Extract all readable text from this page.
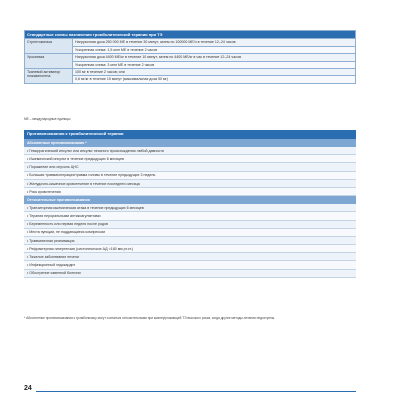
Стандартные схемы назначения тромболитической терапии при ТЭ	
Стрептокиназа	Нагрузочная доза 250 000 МЕ в течение 30 минут, затем по 100000 МЕ/ч в течение 12–24 часов
	Ускоренная схема: 1,5 млн МЕ в течение 2 часов
Урокиназа	Нагрузочная доза 4400 МЕ/кг в течение 10 минут, затем по 4400 МЕ/кг в час в течение 12–24 часов
	Ускоренная схема: 3 млн МЕ в течение 2 часов
Тканевой активатор плазминогена	100 мг в течение 2 часов; или
	0,6 мг/кг в течение 15 минут (максимальная доза 50 мг)
МЕ – международные единицы
Противопоказания к тромболитической терапии
Абсолютные противопоказания *
• Геморрагический инсульт или инсульт неясного происхождения любой давности
• Ишемический инсульт в течение предыдущих 6 месяцев
• Поражение или опухоль ЦНС
• Большая травма/операция/травма головы в течение предыдущих 3 недель
• Желудочно-кишечное кровотечение в течение последнего месяца
• Риск кровотечения
Относительные противопоказания
• Транзиторная ишемическая атака в течение предыдущих 6 месяцев
• Терапия пероральными антикоагулянтами
• Беременность или первая неделя после родов
• Места пункции, не поддающиеся компрессии
• Травматичная реанимация
• Рефрактерная гипертензия (систолическое АД >180 мм рт.ст.)
• Тяжелое заболевание печени
• Инфекционный эндокардит
• Обострение язвенной болезни
* Абсолютные противопоказания к тромболизису могут считаться относительными при жизнеугрожающей ТЭ высокого риска, когда другие методы лечения недоступны.
24
